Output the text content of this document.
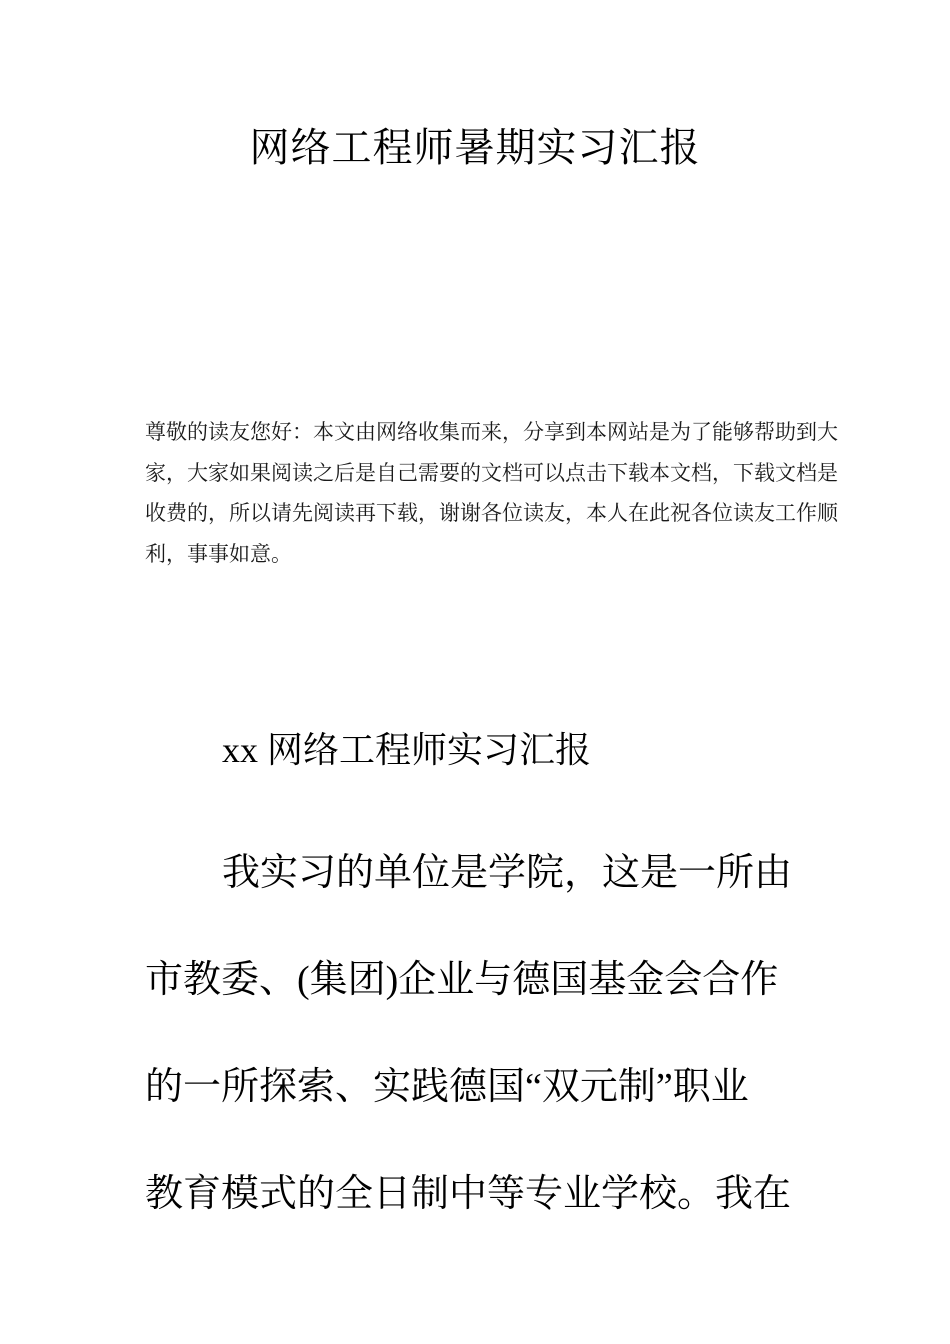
网络工程师暑期实习汇报

尊敬的读友您好：本文由网络收集而来，分享到本网站是为了能够帮助到大
家，大家如果阅读之后是自己需要的文档可以点击下载本文档，下载文档是
收费的，所以请先阅读再下载，谢谢各位读友，本人在此祝各位读友工作顺
利，事事如意。

xx 网络工程师实习汇报

我实习的单位是学院，这是一所由
市教委、(集团)企业与德国基金会合作
的一所探索、实践德国“双元制”职业
教育模式的全日制中等专业学校。我在
